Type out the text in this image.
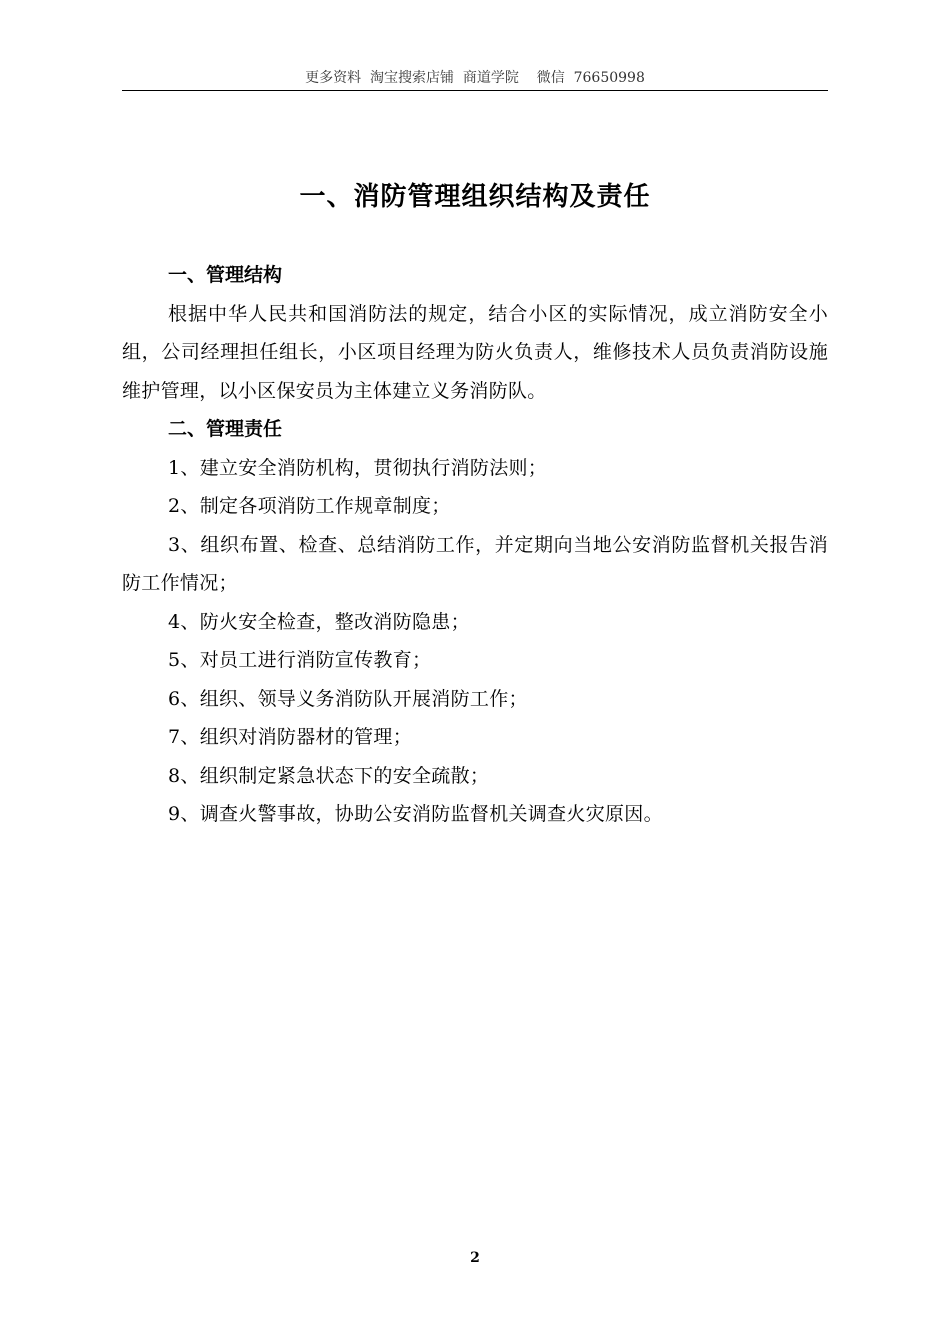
更多资料  淘宝搜索店铺  商道学院    微信  76650998
一、消防管理组织结构及责任

一、管理结构

根据中华人民共和国消防法的规定，结合小区的实际情况，成立消防安全小组，公司经理担任组长，小区项目经理为防火负责人，维修技术人员负责消防设施维护管理，以小区保安员为主体建立义务消防队。

二、管理责任

1、建立安全消防机构，贯彻执行消防法则；

2、制定各项消防工作规章制度；

3、组织布置、检查、总结消防工作，并定期向当地公安消防监督机关报告消防工作情况；

4、防火安全检查，整改消防隐患；

5、对员工进行消防宣传教育；

6、组织、领导义务消防队开展消防工作；

7、组织对消防器材的管理；

8、组织制定紧急状态下的安全疏散；

9、调查火警事故，协助公安消防监督机关调查火灾原因。

2
